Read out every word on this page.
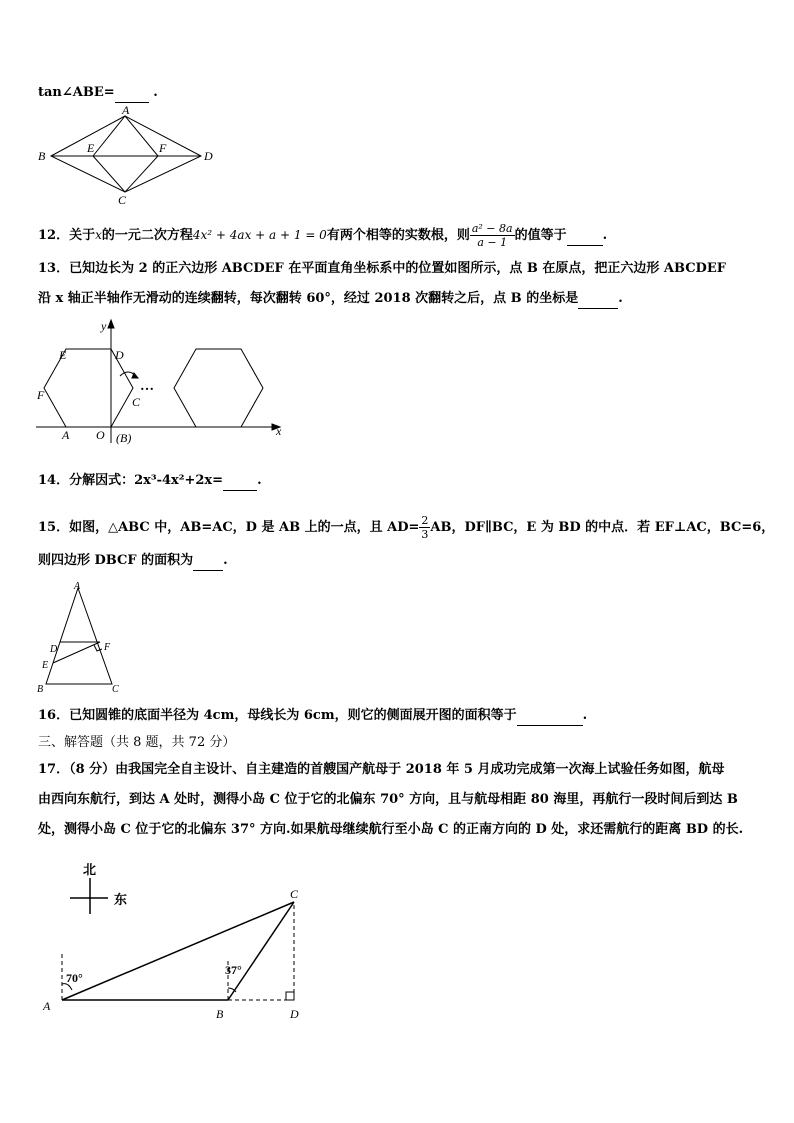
tan∠ABE=	.
A
B
C
D
E	F
12．关于x的一元二次方程4x² + 4ax + a + 1 = 0有两个相等的实数根，则 $\frac{\text{a² − 8a}}{a - 1}$ 的值等于	.
13．已知边长为 2 的正六边形 ABCDEF 在平面直角坐标系中的位置如图所示，点 B 在原点，把正六边形 ABCDEF
沿 x 轴正半轴作无滑动的连续翻转，每次翻转 60°，经过 2018 次翻转之后，点 B 的坐标是	.
y
x
E	D
F	C
A O (B)
…
14．分解因式：2x³-4x²+2x=	.
15．如图，△ABC 中，AB=AC，D 是 AB 上的一点，且 $AD= \frac{2}{3}$ AB，DF∥BC，E 为 BD 的中点．若 EF⊥AC，BC=6，
则四边形 DBCF 的面积为 .
A
D	F
E
B	C
16．已知圆锥的底面半径为 4cm，母线长为 6cm，则它的侧面展开图的面积等于	.
三、解答题（共 8 题，共 72 分）
17．（8 分）由我国完全自主设计、自主建造的首艘国产航母于 2018 年 5 月成功完成第一次海上试验任务如图，航母
由西向东航行，到达 A 处时，测得小岛 C 位于它的北偏东 70° 方向，且与航母相距 80 海里，再航行一段时间后到达 B
处，测得小岛 C 位于它的北偏东 37° 方向.如果航母继续航行至小岛 C 的正南方向的 D 处，求还需航行的距离 BD 的长.
北
东
70°
37°
A
B
C
D
